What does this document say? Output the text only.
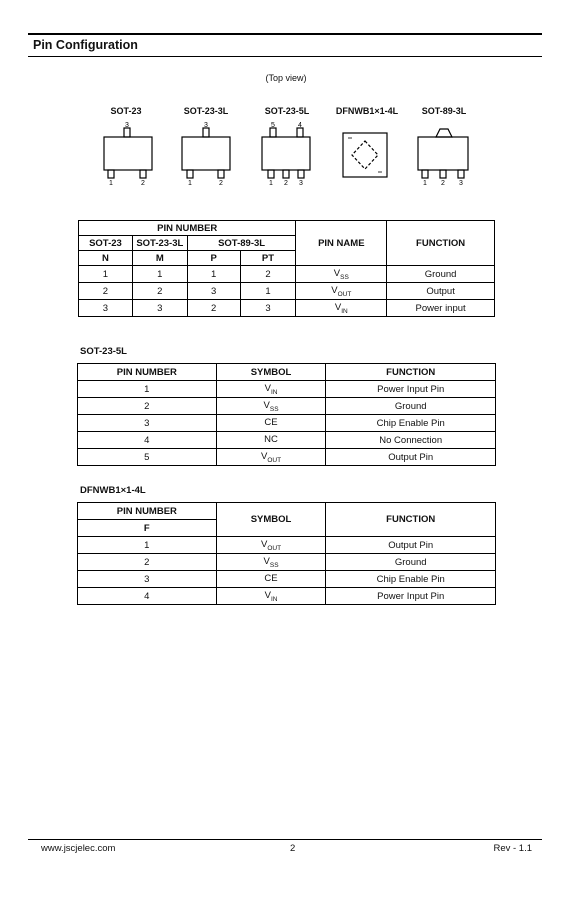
Pin Configuration
(Top view)
SOT-23	SOT-23-3L	SOT-23-5L	DFNWB1×1-4L	SOT-89-3L
3
1	2
3
1	2
5	4
1 2 3	1 2 3
PIN NUMBER				PIN NAME	FUNCTION
SOT-23	SOT-23-3L	SOT-89-3L			
N	M	P	PT		
1	1	1	2	$V_{SS}$	Ground
2	2	3	1	$V_{OUT}$	Output
3	3	2	3	$V_{IN}$	Power input
SOT-23-5L
PIN NUMBER	SYMBOL	FUNCTION
1	$V_{IN}$	Power Input Pin
2	$V_{SS}$	Ground
3	CE	Chip Enable Pin
4	NC	No Connection
5	$V_{OUT}$	Output Pin
DFNWB1×1-4L
PIN NUMBER	SYMBOL	FUNCTION
F		
1	$V_{OUT}$	Output Pin
2	$V_{SS}$	Ground
3	CE	Chip Enable Pin
4	$V_{IN}$	Power Input Pin
www.jscjelec.com	2	Rev - 1.1
